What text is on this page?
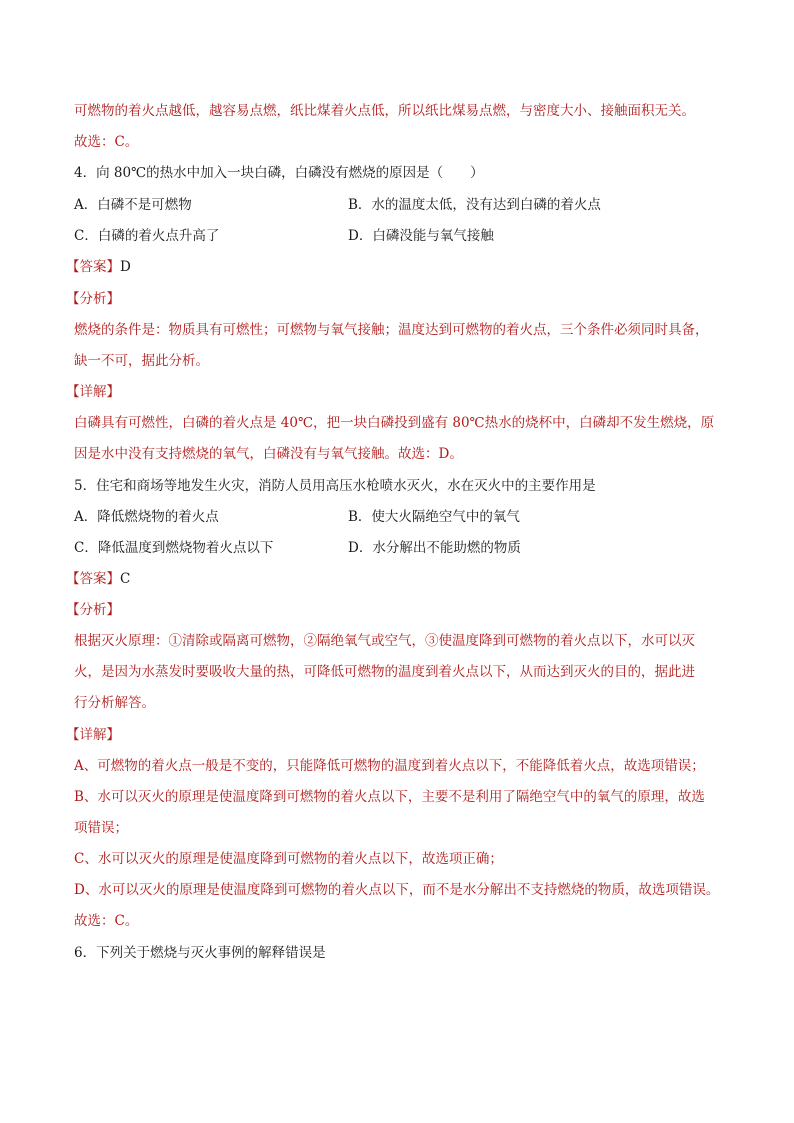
可燃物的着火点越低，越容易点燃，纸比煤着火点低，所以纸比煤易点燃，与密度大小、接触面积无关。
故选：C。
4．向 80℃的热水中加入一块白磷，白磷没有燃烧的原因是（　　）
A．白磷不是可燃物	B．水的温度太低，没有达到白磷的着火点
C．白磷的着火点升高了	D．白磷没能与氧气接触
【答案】D
【分析】
燃烧的条件是：物质具有可燃性；可燃物与氧气接触；温度达到可燃物的着火点，三个条件必须同时具备，
缺一不可，据此分析。
【详解】
白磷具有可燃性，白磷的着火点是 40℃，把一块白磷投到盛有 80℃热水的烧杯中，白磷却不发生燃烧，原
因是水中没有支持燃烧的氧气，白磷没有与氧气接触。故选：D。
5．住宅和商场等地发生火灾，消防人员用高压水枪喷水灭火，水在灭火中的主要作用是
A．降低燃烧物的着火点	B．使大火隔绝空气中的氧气
C．降低温度到燃烧物着火点以下	D．水分解出不能助燃的物质
【答案】C
【分析】
根据灭火原理：①清除或隔离可燃物，②隔绝氧气或空气，③使温度降到可燃物的着火点以下，水可以灭
火，是因为水蒸发时要吸收大量的热，可降低可燃物的温度到着火点以下，从而达到灭火的目的，据此进
行分析解答。
【详解】
A、可燃物的着火点一般是不变的，只能降低可燃物的温度到着火点以下，不能降低着火点，故选项错误；
B、水可以灭火的原理是使温度降到可燃物的着火点以下，主要不是利用了隔绝空气中的氧气的原理，故选
项错误；
C、水可以灭火的原理是使温度降到可燃物的着火点以下，故选项正确；
D、水可以灭火的原理是使温度降到可燃物的着火点以下，而不是水分解出不支持燃烧的物质，故选项错误。
故选：C。
6．下列关于燃烧与灭火事例的解释错误是
